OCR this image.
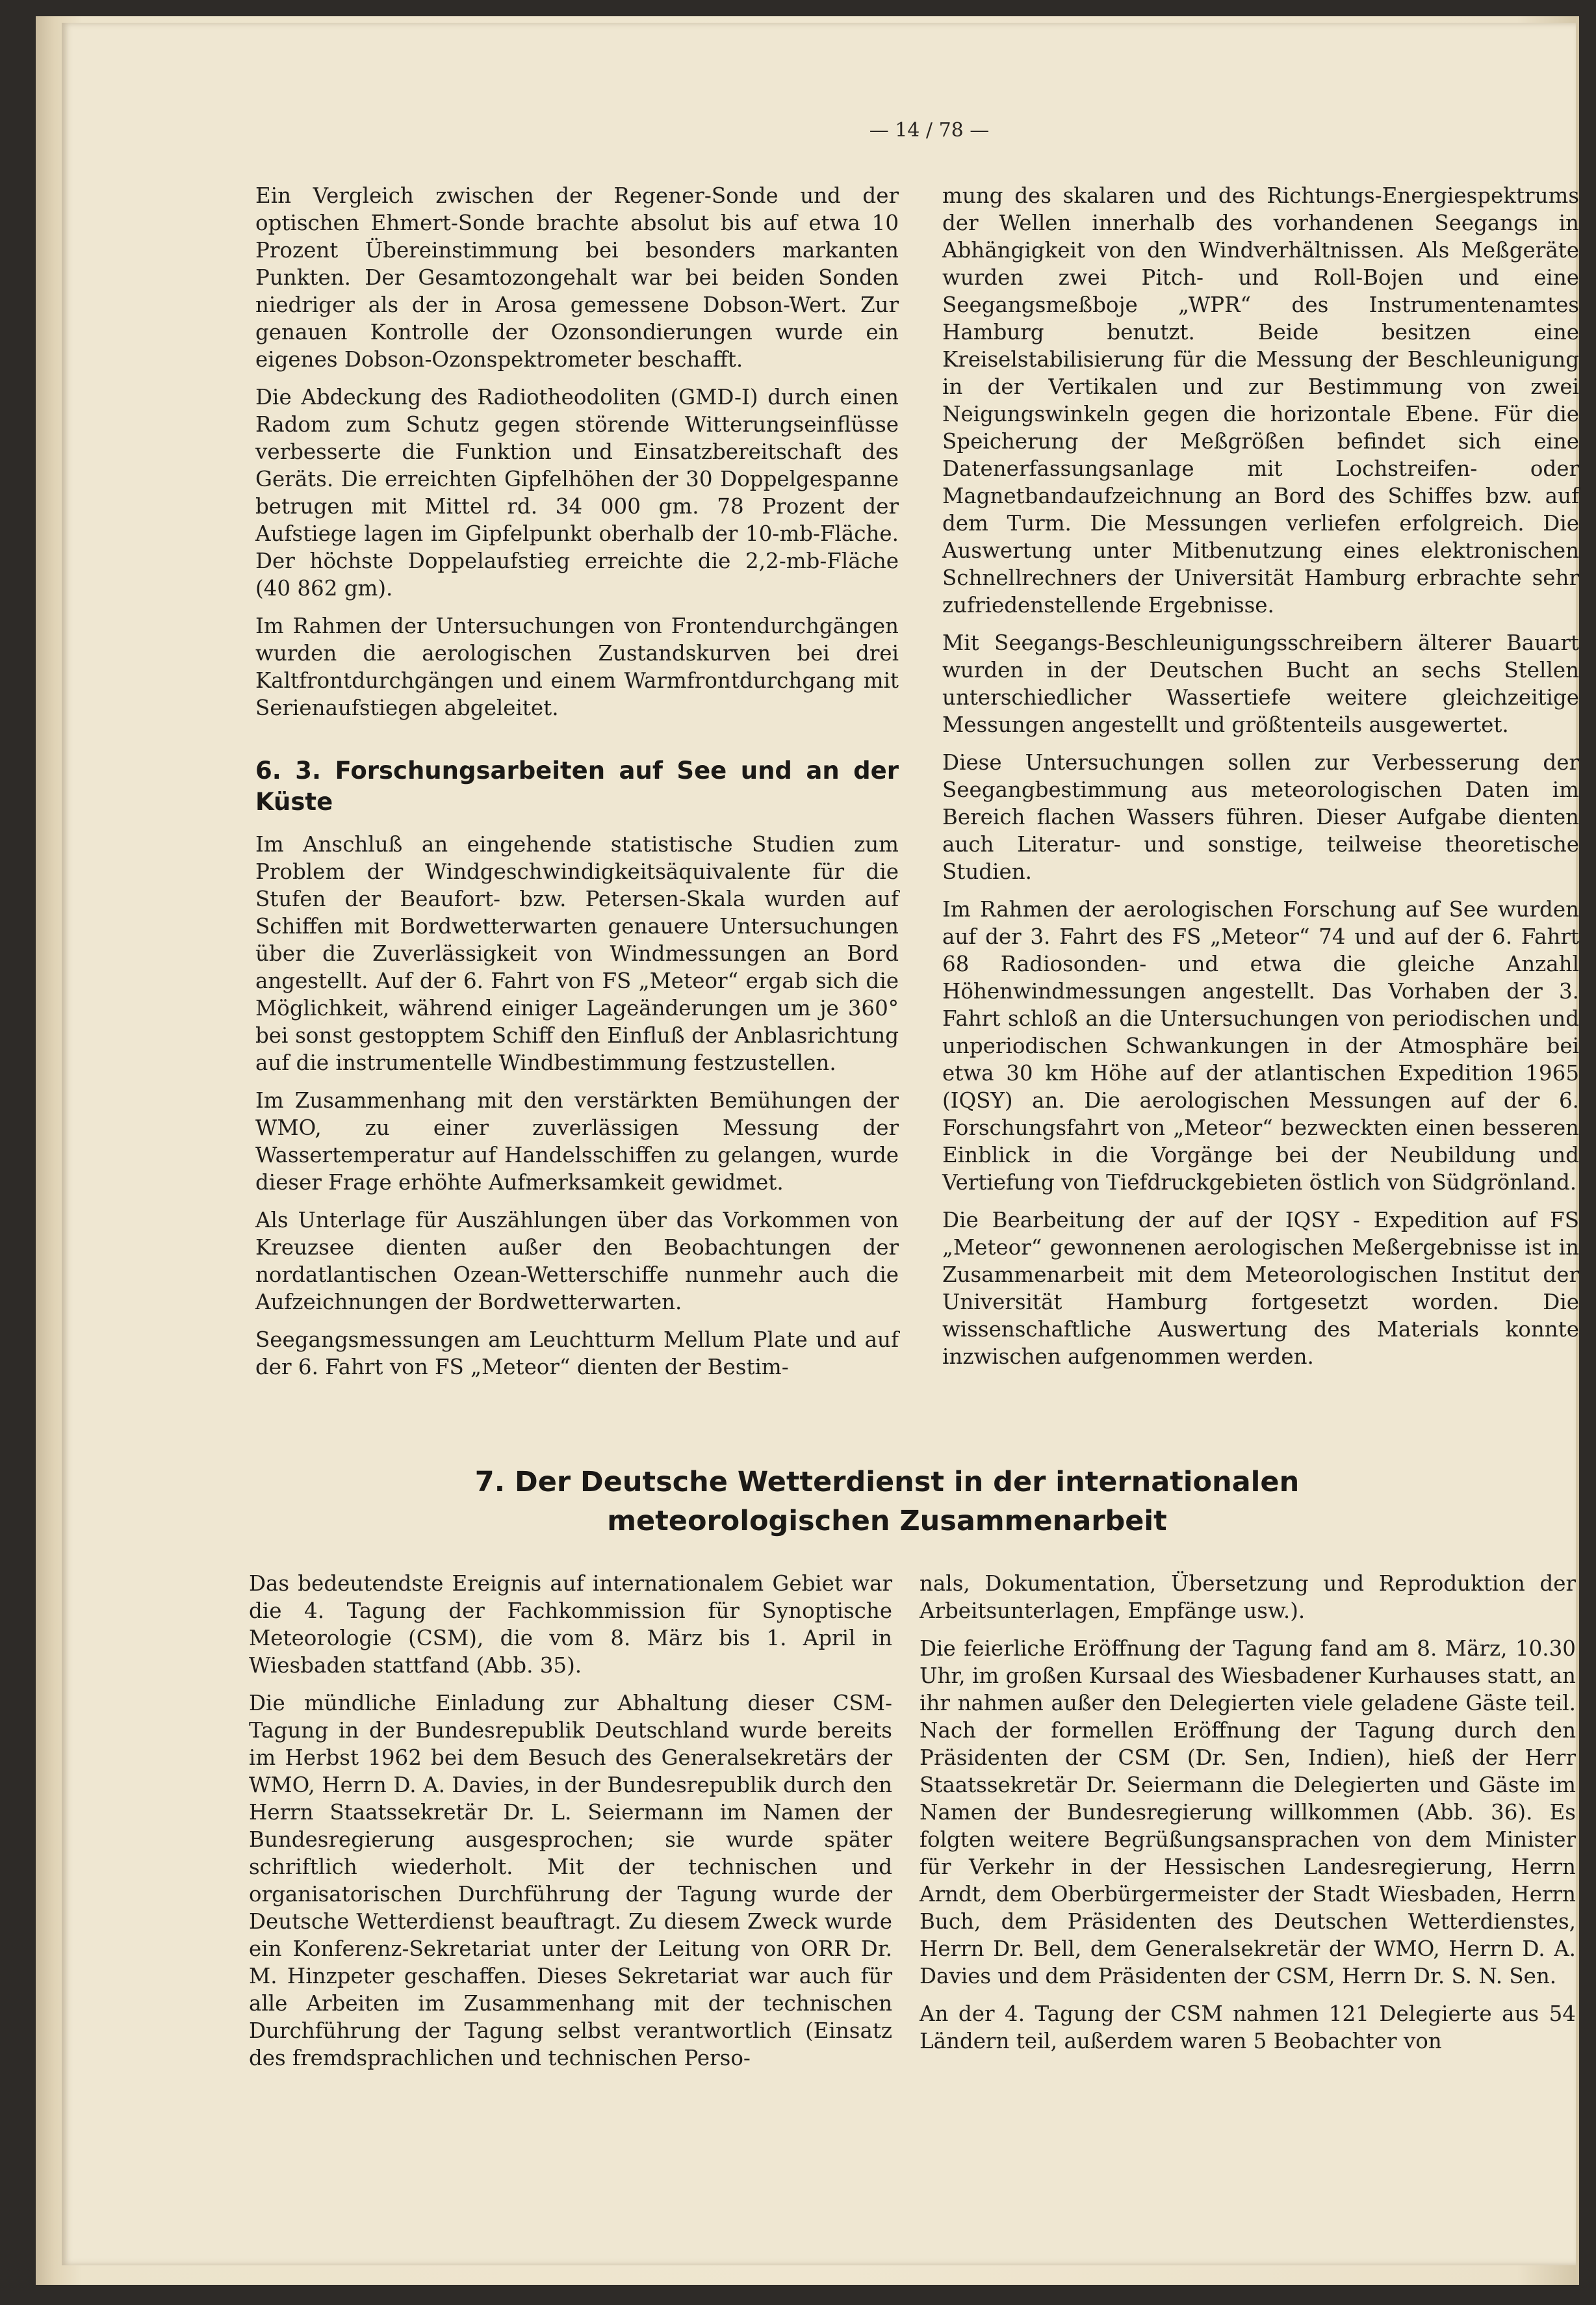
— 14 / 78 —

Ein Vergleich zwischen der Regener-Sonde und der optischen Ehmert-Sonde brachte absolut bis auf etwa 10 Prozent Übereinstimmung bei besonders markanten Punkten. Der Gesamtozongehalt war bei beiden Sonden niedriger als der in Arosa gemessene Dobson-Wert. Zur genauen Kontrolle der Ozonsondierungen wurde ein eigenes Dobson-Ozonspektrometer beschafft.

Die Abdeckung des Radiotheodoliten (GMD-I) durch einen Radom zum Schutz gegen störende Witterungseinflüsse verbesserte die Funktion und Einsatzbereitschaft des Geräts. Die erreichten Gipfelhöhen der 30 Doppelgespanne betrugen mit Mittel rd. 34 000 gm. 78 Prozent der Aufstiege lagen im Gipfelpunkt oberhalb der 10-mb-Fläche. Der höchste Doppelaufstieg erreichte die 2,2-mb-Fläche (40 862 gm).

Im Rahmen der Untersuchungen von Frontendurchgängen wurden die aerologischen Zustandskurven bei drei Kaltfrontdurchgängen und einem Warmfrontdurchgang mit Serienaufstiegen abgeleitet.

6. 3. Forschungsarbeiten auf See und an der Küste

Im Anschluß an eingehende statistische Studien zum Problem der Windgeschwindigkeitsäquivalente für die Stufen der Beaufort- bzw. Petersen-Skala wurden auf Schiffen mit Bordwetterwarten genauere Untersuchungen über die Zuverlässigkeit von Windmessungen an Bord angestellt. Auf der 6. Fahrt von FS „Meteor“ ergab sich die Möglichkeit, während einiger Lageänderungen um je 360° bei sonst gestopptem Schiff den Einfluß der Anblasrichtung auf die instrumentelle Windbestimmung festzustellen.

Im Zusammenhang mit den verstärkten Bemühungen der WMO, zu einer zuverlässigen Messung der Wassertemperatur auf Handelsschiffen zu gelangen, wurde dieser Frage erhöhte Aufmerksamkeit gewidmet.

Als Unterlage für Auszählungen über das Vorkommen von Kreuzsee dienten außer den Beobachtungen der nordatlantischen Ozean-Wetterschiffe nunmehr auch die Aufzeichnungen der Bordwetterwarten.

Seegangsmessungen am Leuchtturm Mellum Plate und auf der 6. Fahrt von FS „Meteor“ dienten der Bestim-

mung des skalaren und des Richtungs-Energiespektrums der Wellen innerhalb des vorhandenen Seegangs in Abhängigkeit von den Windverhältnissen. Als Meßgeräte wurden zwei Pitch- und Roll-Bojen und eine Seegangsmeßboje „WPR“ des Instrumentenamtes Hamburg benutzt. Beide besitzen eine Kreiselstabilisierung für die Messung der Beschleunigung in der Vertikalen und zur Bestimmung von zwei Neigungswinkeln gegen die horizontale Ebene. Für die Speicherung der Meßgrößen befindet sich eine Datenerfassungsanlage mit Lochstreifen- oder Magnetbandaufzeichnung an Bord des Schiffes bzw. auf dem Turm. Die Messungen verliefen erfolgreich. Die Auswertung unter Mitbenutzung eines elektronischen Schnellrechners der Universität Hamburg erbrachte sehr zufriedenstellende Ergebnisse.

Mit Seegangs-Beschleunigungsschreibern älterer Bauart wurden in der Deutschen Bucht an sechs Stellen unterschiedlicher Wassertiefe weitere gleichzeitige Messungen angestellt und größtenteils ausgewertet.

Diese Untersuchungen sollen zur Verbesserung der Seegangbestimmung aus meteorologischen Daten im Bereich flachen Wassers führen. Dieser Aufgabe dienten auch Literatur- und sonstige, teilweise theoretische Studien.

Im Rahmen der aerologischen Forschung auf See wurden auf der 3. Fahrt des FS „Meteor“ 74 und auf der 6. Fahrt 68 Radiosonden- und etwa die gleiche Anzahl Höhenwindmessungen angestellt. Das Vorhaben der 3. Fahrt schloß an die Untersuchungen von periodischen und unperiodischen Schwankungen in der Atmosphäre bei etwa 30 km Höhe auf der atlantischen Expedition 1965 (IQSY) an. Die aerologischen Messungen auf der 6. Forschungsfahrt von „Meteor“ bezweckten einen besseren Einblick in die Vorgänge bei der Neubildung und Vertiefung von Tiefdruckgebieten östlich von Südgrönland.

Die Bearbeitung der auf der IQSY - Expedition auf FS „Meteor“ gewonnenen aerologischen Meßergebnisse ist in Zusammenarbeit mit dem Meteorologischen Institut der Universität Hamburg fortgesetzt worden. Die wissenschaftliche Auswertung des Materials konnte inzwischen aufgenommen werden.

7. Der Deutsche Wetterdienst in der internationalen
meteorologischen Zusammenarbeit

Das bedeutendste Ereignis auf internationalem Gebiet war die 4. Tagung der Fachkommission für Synoptische Meteorologie (CSM), die vom 8. März bis 1. April in Wiesbaden stattfand (Abb. 35).

Die mündliche Einladung zur Abhaltung dieser CSM-Tagung in der Bundesrepublik Deutschland wurde bereits im Herbst 1962 bei dem Besuch des Generalsekretärs der WMO, Herrn D. A. Davies, in der Bundesrepublik durch den Herrn Staatssekretär Dr. L. Seiermann im Namen der Bundesregierung ausgesprochen; sie wurde später schriftlich wiederholt. Mit der technischen und organisatorischen Durchführung der Tagung wurde der Deutsche Wetterdienst beauftragt. Zu diesem Zweck wurde ein Konferenz-Sekretariat unter der Leitung von ORR Dr. M. Hinzpeter geschaffen. Dieses Sekretariat war auch für alle Arbeiten im Zusammenhang mit der technischen Durchführung der Tagung selbst verantwortlich (Einsatz des fremdsprachlichen und technischen Perso-

nals, Dokumentation, Übersetzung und Reproduktion der Arbeitsunterlagen, Empfänge usw.).

Die feierliche Eröffnung der Tagung fand am 8. März, 10.30 Uhr, im großen Kursaal des Wiesbadener Kurhauses statt, an ihr nahmen außer den Delegierten viele geladene Gäste teil. Nach der formellen Eröffnung der Tagung durch den Präsidenten der CSM (Dr. Sen, Indien), hieß der Herr Staatssekretär Dr. Seiermann die Delegierten und Gäste im Namen der Bundesregierung willkommen (Abb. 36). Es folgten weitere Begrüßungsansprachen von dem Minister für Verkehr in der Hessischen Landesregierung, Herrn Arndt, dem Oberbürgermeister der Stadt Wiesbaden, Herrn Buch, dem Präsidenten des Deutschen Wetterdienstes, Herrn Dr. Bell, dem Generalsekretär der WMO, Herrn D. A. Davies und dem Präsidenten der CSM, Herrn Dr. S. N. Sen.

An der 4. Tagung der CSM nahmen 121 Delegierte aus 54 Ländern teil, außerdem waren 5 Beobachter von
